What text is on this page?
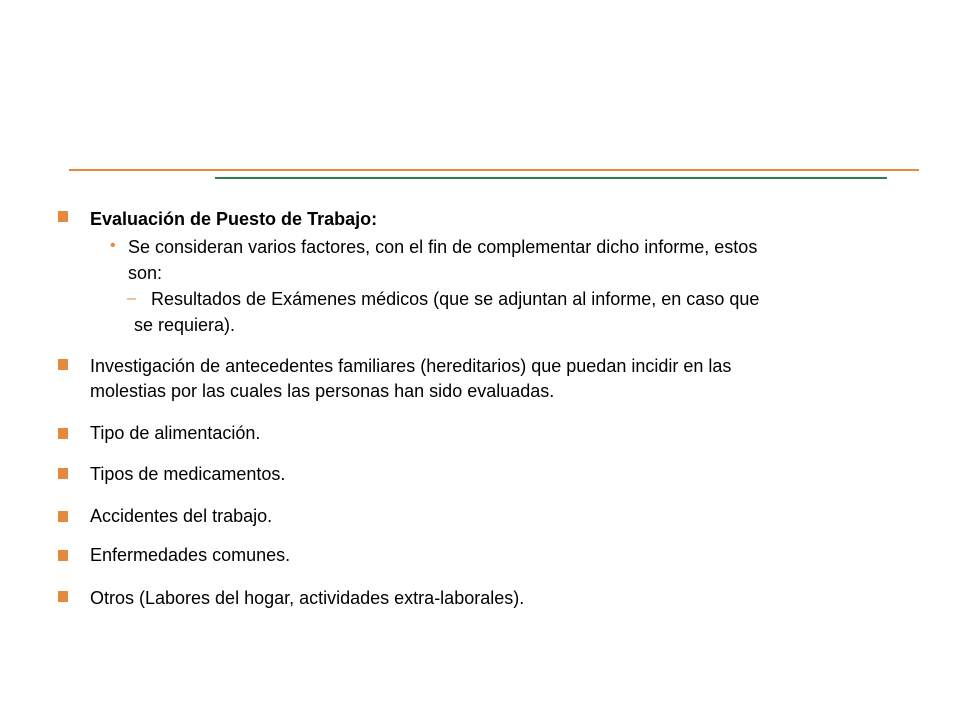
Evaluación de Puesto de Trabajo:
• Se consideran varios factores, con el fin de complementar dicho informe, estos
son:
– Resultados de Exámenes médicos (que se adjuntan al informe, en caso que
se requiera).
Investigación de antecedentes familiares (hereditarios) que puedan incidir en las
molestias por las cuales las personas han sido evaluadas.
Tipo de alimentación.
Tipos de medicamentos.
Accidentes del trabajo.
Enfermedades comunes.
Otros (Labores del hogar, actividades extra-laborales).
